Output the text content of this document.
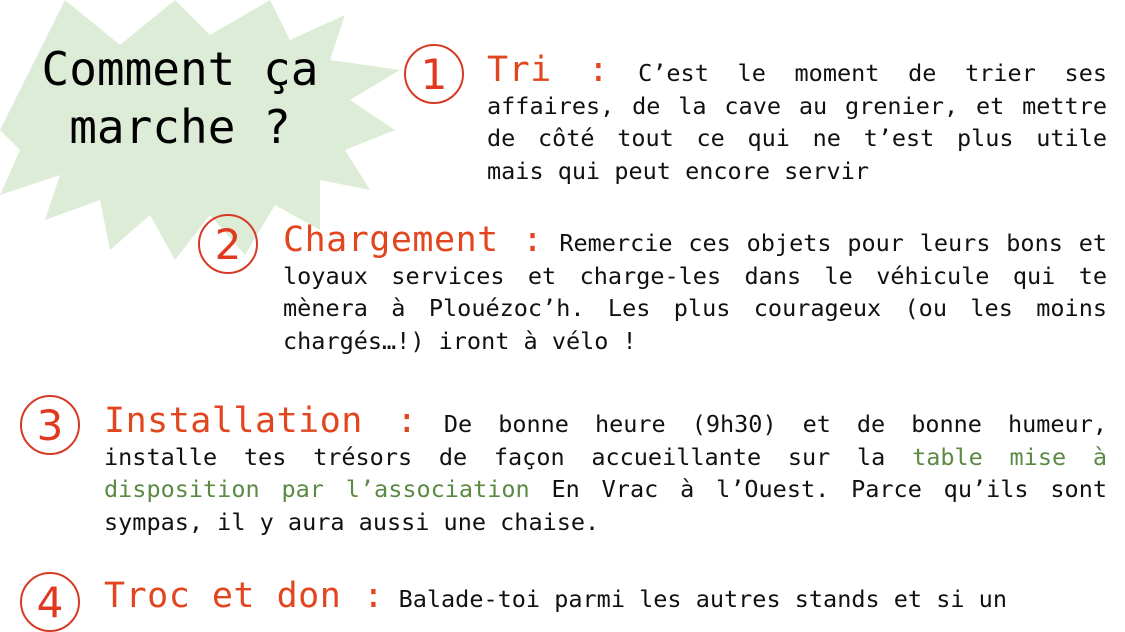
Comment ça
marche ?
1 Tri : C’est le moment de trier ses affaires, de la cave au grenier, et mettre de côté tout ce qui ne t’est plus utile mais qui peut encore servir

2 Chargement : Remercie ces objets pour leurs bons et loyaux services et charge-les dans le véhicule qui te mènera à Plouézoc’h. Les plus courageux (ou les moins chargés…!) iront à vélo !

3 Installation : De bonne heure (9h30) et de bonne humeur, installe tes trésors de façon accueillante sur la table mise à disposition par l’association En Vrac à l’Ouest. Parce qu’ils sont sympas, il y aura aussi une chaise.

4 Troc et don : Balade-toi parmi les autres stands et si un
